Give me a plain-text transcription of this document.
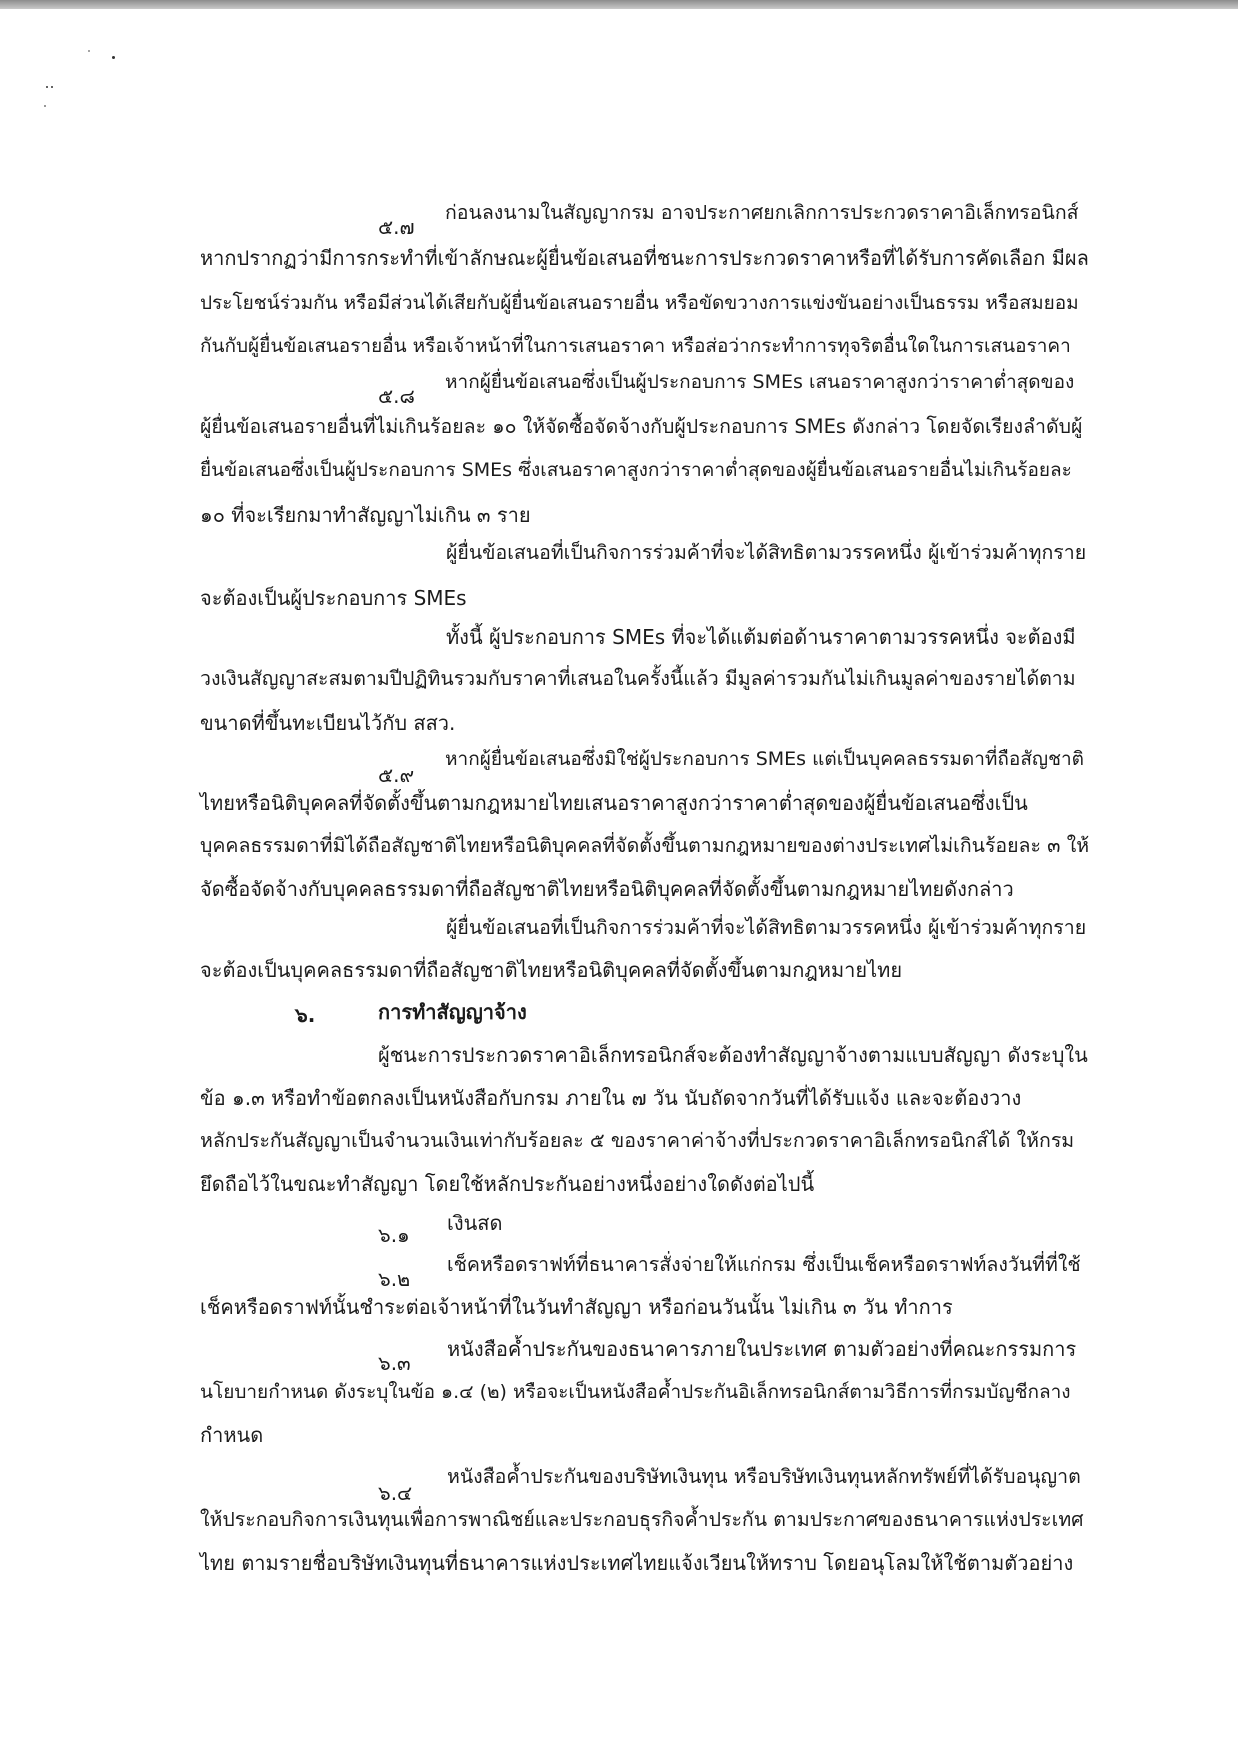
๕.๗
ก่อนลงนามในสัญญากรม อาจประกาศยกเลิกการประกวดราคาอิเล็กทรอนิกส์
หากปรากฏว่ามีการกระทำที่เข้าลักษณะผู้ยื่นข้อเสนอที่ชนะการประกวดราคาหรือที่ได้รับการคัดเลือก มีผล
ประโยชน์ร่วมกัน หรือมีส่วนได้เสียกับผู้ยื่นข้อเสนอรายอื่น หรือขัดขวางการแข่งขันอย่างเป็นธรรม หรือสมยอม
กันกับผู้ยื่นข้อเสนอรายอื่น หรือเจ้าหน้าที่ในการเสนอราคา หรือส่อว่ากระทำการทุจริตอื่นใดในการเสนอราคา
๕.๘
หากผู้ยื่นข้อเสนอซึ่งเป็นผู้ประกอบการ SMEs เสนอราคาสูงกว่าราคาต่ำสุดของ
ผู้ยื่นข้อเสนอรายอื่นที่ไม่เกินร้อยละ ๑๐ ให้จัดซื้อจัดจ้างกับผู้ประกอบการ SMEs ดังกล่าว โดยจัดเรียงลำดับผู้
ยื่นข้อเสนอซึ่งเป็นผู้ประกอบการ SMEs ซึ่งเสนอราคาสูงกว่าราคาต่ำสุดของผู้ยื่นข้อเสนอรายอื่นไม่เกินร้อยละ
๑๐ ที่จะเรียกมาทำสัญญาไม่เกิน ๓ ราย
ผู้ยื่นข้อเสนอที่เป็นกิจการร่วมค้าที่จะได้สิทธิตามวรรคหนึ่ง ผู้เข้าร่วมค้าทุกราย
จะต้องเป็นผู้ประกอบการ SMEs
ทั้งนี้ ผู้ประกอบการ SMEs ที่จะได้แต้มต่อด้านราคาตามวรรคหนึ่ง จะต้องมี
วงเงินสัญญาสะสมตามปีปฏิทินรวมกับราคาที่เสนอในครั้งนี้แล้ว มีมูลค่ารวมกันไม่เกินมูลค่าของรายได้ตาม
ขนาดที่ขึ้นทะเบียนไว้กับ สสว.
๕.๙
หากผู้ยื่นข้อเสนอซึ่งมิใช่ผู้ประกอบการ SMEs แต่เป็นบุคคลธรรมดาที่ถือสัญชาติ
ไทยหรือนิติบุคคลที่จัดตั้งขึ้นตามกฎหมายไทยเสนอราคาสูงกว่าราคาต่ำสุดของผู้ยื่นข้อเสนอซึ่งเป็น
บุคคลธรรมดาที่มิได้ถือสัญชาติไทยหรือนิติบุคคลที่จัดตั้งขึ้นตามกฎหมายของต่างประเทศไม่เกินร้อยละ ๓ ให้
จัดซื้อจัดจ้างกับบุคคลธรรมดาที่ถือสัญชาติไทยหรือนิติบุคคลที่จัดตั้งขึ้นตามกฎหมายไทยดังกล่าว
ผู้ยื่นข้อเสนอที่เป็นกิจการร่วมค้าที่จะได้สิทธิตามวรรคหนึ่ง ผู้เข้าร่วมค้าทุกราย
จะต้องเป็นบุคคลธรรมดาที่ถือสัญชาติไทยหรือนิติบุคคลที่จัดตั้งขึ้นตามกฎหมายไทย
๖.	การทำสัญญาจ้าง
ผู้ชนะการประกวดราคาอิเล็กทรอนิกส์จะต้องทำสัญญาจ้างตามแบบสัญญา ดังระบุใน
ข้อ ๑.๓ หรือทำข้อตกลงเป็นหนังสือกับกรม ภายใน ๗ วัน นับถัดจากวันที่ได้รับแจ้ง และจะต้องวาง
หลักประกันสัญญาเป็นจำนวนเงินเท่ากับร้อยละ ๕ ของราคาค่าจ้างที่ประกวดราคาอิเล็กทรอนิกส์ได้ ให้กรม
ยึดถือไว้ในขณะทำสัญญา โดยใช้หลักประกันอย่างหนึ่งอย่างใดดังต่อไปนี้
๖.๑ เงินสด
๖.๒
เช็คหรือดราฟท์ที่ธนาคารสั่งจ่ายให้แก่กรม ซึ่งเป็นเช็คหรือดราฟท์ลงวันที่ที่ใช้
เช็คหรือดราฟท์นั้นชำระต่อเจ้าหน้าที่ในวันทำสัญญา หรือก่อนวันนั้น ไม่เกิน ๓ วัน ทำการ
๖.๓
หนังสือค้ำประกันของธนาคารภายในประเทศ ตามตัวอย่างที่คณะกรรมการ
นโยบายกำหนด ดังระบุในข้อ ๑.๔ (๒) หรือจะเป็นหนังสือค้ำประกันอิเล็กทรอนิกส์ตามวิธีการที่กรมบัญชีกลาง
กำหนด
๖.๔
หนังสือค้ำประกันของบริษัทเงินทุน หรือบริษัทเงินทุนหลักทรัพย์ที่ได้รับอนุญาต
ให้ประกอบกิจการเงินทุนเพื่อการพาณิชย์และประกอบธุรกิจค้ำประกัน ตามประกาศของธนาคารแห่งประเทศ
ไทย ตามรายชื่อบริษัทเงินทุนที่ธนาคารแห่งประเทศไทยแจ้งเวียนให้ทราบ โดยอนุโลมให้ใช้ตามตัวอย่าง
